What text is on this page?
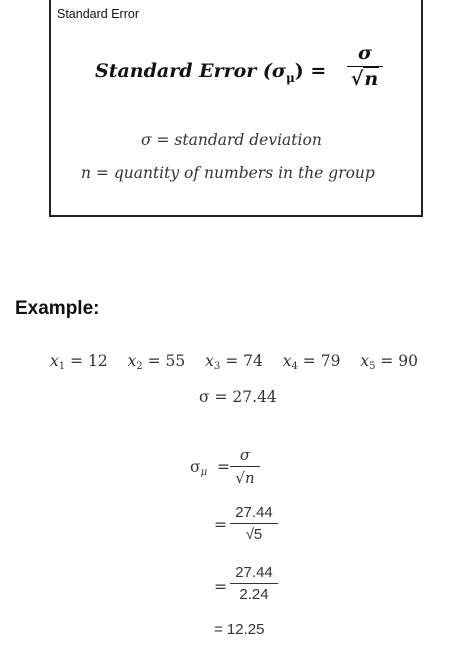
Standard Error
Standard Error $(\sigma_\mu) = \frac{\sigma}{√n}$
σ = standard deviation
n = quantity of numbers in the group
Example:
$x_1 = 12$ $x_2 = 55$ $x_3 = 74$ $x_4 = 79$ $x_5 = 90$
σ = 27.44
$\sigma_\mu = \frac{\sigma}{√n}$
= $\frac{27.44}{√5}$
= $\frac{27.44}{2.24}$
= 12.25
